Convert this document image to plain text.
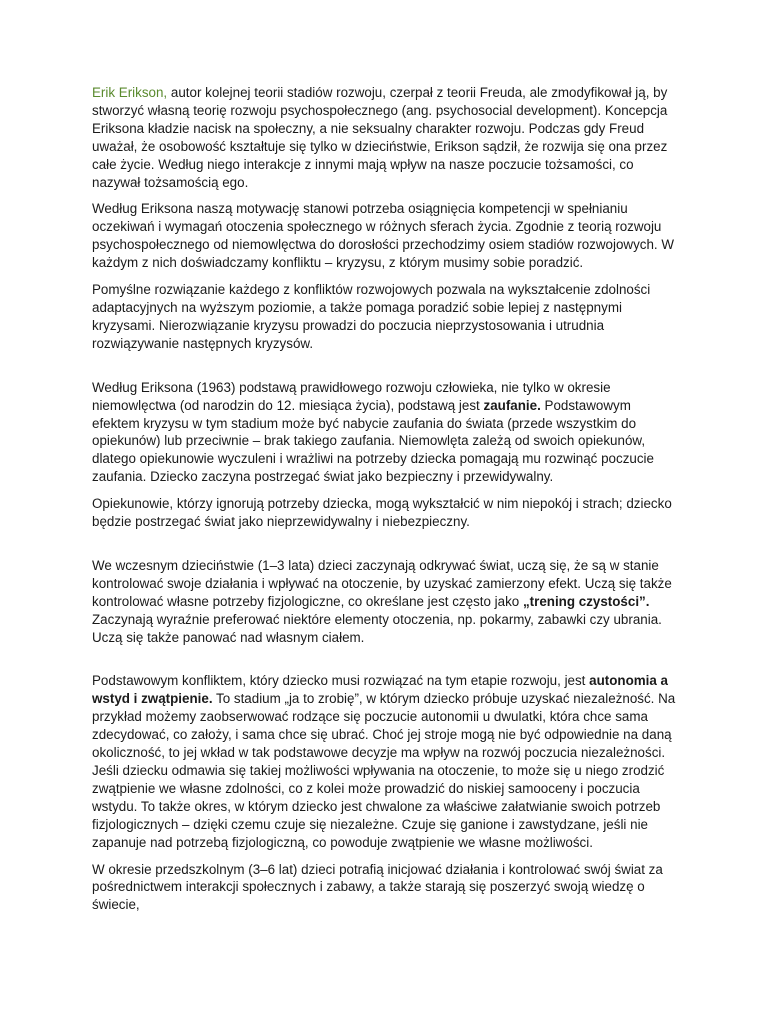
Erik Erikson, autor kolejnej teorii stadiów rozwoju, czerpał z teorii Freuda, ale zmodyfikował ją, by stworzyć własną teorię rozwoju psychospołecznego (ang. psychosocial development). Koncepcja Eriksona kładzie nacisk na społeczny, a nie seksualny charakter rozwoju. Podczas gdy Freud uważał, że osobowość kształtuje się tylko w dzieciństwie, Erikson sądził, że rozwija się ona przez całe życie. Według niego interakcje z innymi mają wpływ na nasze poczucie tożsamości, co nazywał tożsamością ego.

Według Eriksona naszą motywację stanowi potrzeba osiągnięcia kompetencji w spełnianiu oczekiwań i wymagań otoczenia społecznego w różnych sferach życia. Zgodnie z teorią rozwoju psychospołecznego od niemowlęctwa do dorosłości przechodzimy osiem stadiów rozwojowych. W każdym z nich doświadczamy konfliktu – kryzysu, z którym musimy sobie poradzić.

Pomyślne rozwiązanie każdego z konfliktów rozwojowych pozwala na wykształcenie zdolności adaptacyjnych na wyższym poziomie, a także pomaga poradzić sobie lepiej z następnymi kryzysami. Nierozwiązanie kryzysu prowadzi do poczucia nieprzystosowania i utrudnia rozwiązywanie następnych kryzysów.

Według Eriksona (1963) podstawą prawidłowego rozwoju człowieka, nie tylko w okresie niemowlęctwa (od narodzin do 12. miesiąca życia), podstawą jest zaufanie. Podstawowym efektem kryzysu w tym stadium może być nabycie zaufania do świata (przede wszystkim do opiekunów) lub przeciwnie – brak takiego zaufania. Niemowlęta zależą od swoich opiekunów, dlatego opiekunowie wyczuleni i wrażliwi na potrzeby dziecka pomagają mu rozwinąć poczucie zaufania. Dziecko zaczyna postrzegać świat jako bezpieczny i przewidywalny.

Opiekunowie, którzy ignorują potrzeby dziecka, mogą wykształcić w nim niepokój i strach; dziecko będzie postrzegać świat jako nieprzewidywalny i niebezpieczny.

We wczesnym dzieciństwie (1–3 lata) dzieci zaczynają odkrywać świat, uczą się, że są w stanie kontrolować swoje działania i wpływać na otoczenie, by uzyskać zamierzony efekt. Uczą się także kontrolować własne potrzeby fizjologiczne, co określane jest często jako „trening czystości”. Zaczynają wyraźnie preferować niektóre elementy otoczenia, np. pokarmy, zabawki czy ubrania. Uczą się także panować nad własnym ciałem.

Podstawowym konfliktem, który dziecko musi rozwiązać na tym etapie rozwoju, jest autonomia a wstyd i zwątpienie. To stadium „ja to zrobię”, w którym dziecko próbuje uzyskać niezależność. Na przykład możemy zaobserwować rodzące się poczucie autonomii u dwulatki, która chce sama zdecydować, co założy, i sama chce się ubrać. Choć jej stroje mogą nie być odpowiednie na daną okoliczność, to jej wkład w tak podstawowe decyzje ma wpływ na rozwój poczucia niezależności. Jeśli dziecku odmawia się takiej możliwości wpływania na otoczenie, to może się u niego zrodzić zwątpienie we własne zdolności, co z kolei może prowadzić do niskiej samooceny i poczucia wstydu. To także okres, w którym dziecko jest chwalone za właściwe załatwianie swoich potrzeb fizjologicznych – dzięki czemu czuje się niezależne. Czuje się ganione i zawstydzane, jeśli nie zapanuje nad potrzebą fizjologiczną, co powoduje zwątpienie we własne możliwości.

W okresie przedszkolnym (3–6 lat) dzieci potrafią inicjować działania i kontrolować swój świat za pośrednictwem interakcji społecznych i zabawy, a także starają się poszerzyć swoją wiedzę o świecie,
